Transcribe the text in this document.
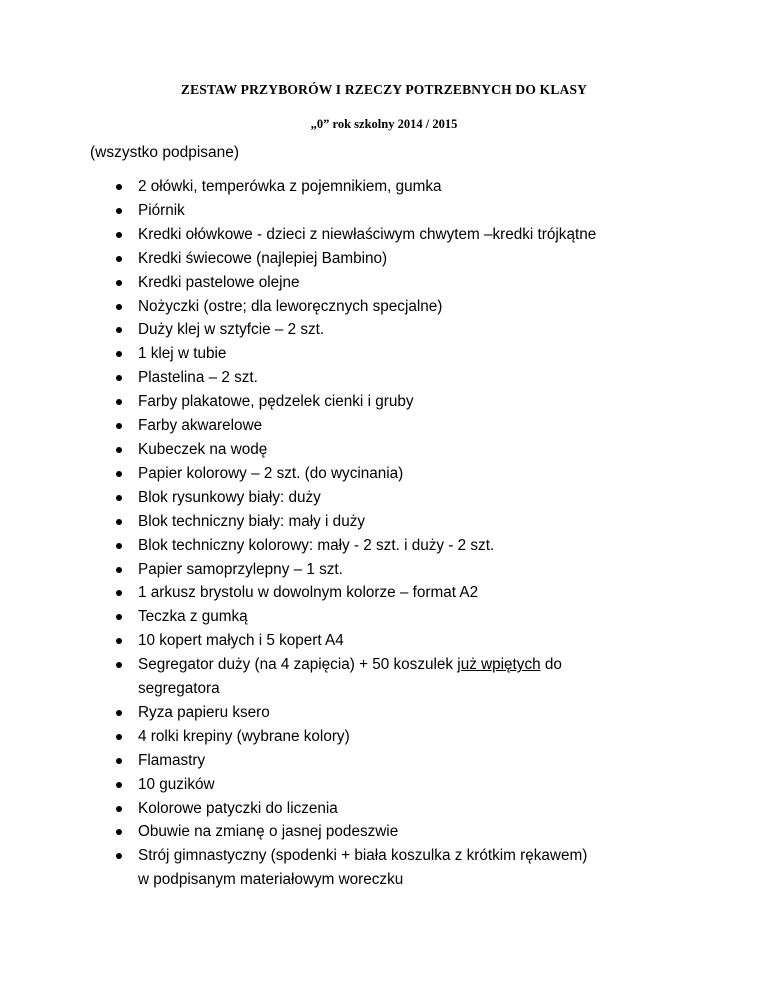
ZESTAW PRZYBORÓW I RZECZY POTRZEBNYCH DO KLASY
„0” rok szkolny 2014 / 2015
(wszystko podpisane)
2 ołówki, temperówka z pojemnikiem, gumka
Piórnik
Kredki ołówkowe - dzieci z niewłaściwym chwytem –kredki trójkątne
Kredki świecowe (najlepiej Bambino)
Kredki pastelowe olejne
Nożyczki (ostre; dla leworęcznych specjalne)
Duży klej w sztyfcie – 2 szt.
1 klej w tubie
Plastelina – 2 szt.
Farby plakatowe, pędzelek cienki i gruby
Farby akwarelowe
Kubeczek na wodę
Papier kolorowy – 2 szt. (do wycinania)
Blok rysunkowy biały: duży
Blok techniczny biały: mały i duży
Blok techniczny kolorowy: mały - 2 szt. i duży - 2 szt.
Papier samoprzylepny – 1 szt.
1 arkusz brystolu w dowolnym kolorze – format A2
Teczka z gumką
10 kopert małych i 5 kopert A4
Segregator duży (na 4 zapięcia) + 50 koszulek już wpiętych do
segregatora
Ryza papieru ksero
4 rolki krepiny (wybrane kolory)
Flamastry
10 guzików
Kolorowe patyczki do liczenia
Obuwie na zmianę o jasnej podeszwie
Strój gimnastyczny (spodenki + biała koszulka z krótkim rękawem)
w podpisanym materiałowym woreczku
